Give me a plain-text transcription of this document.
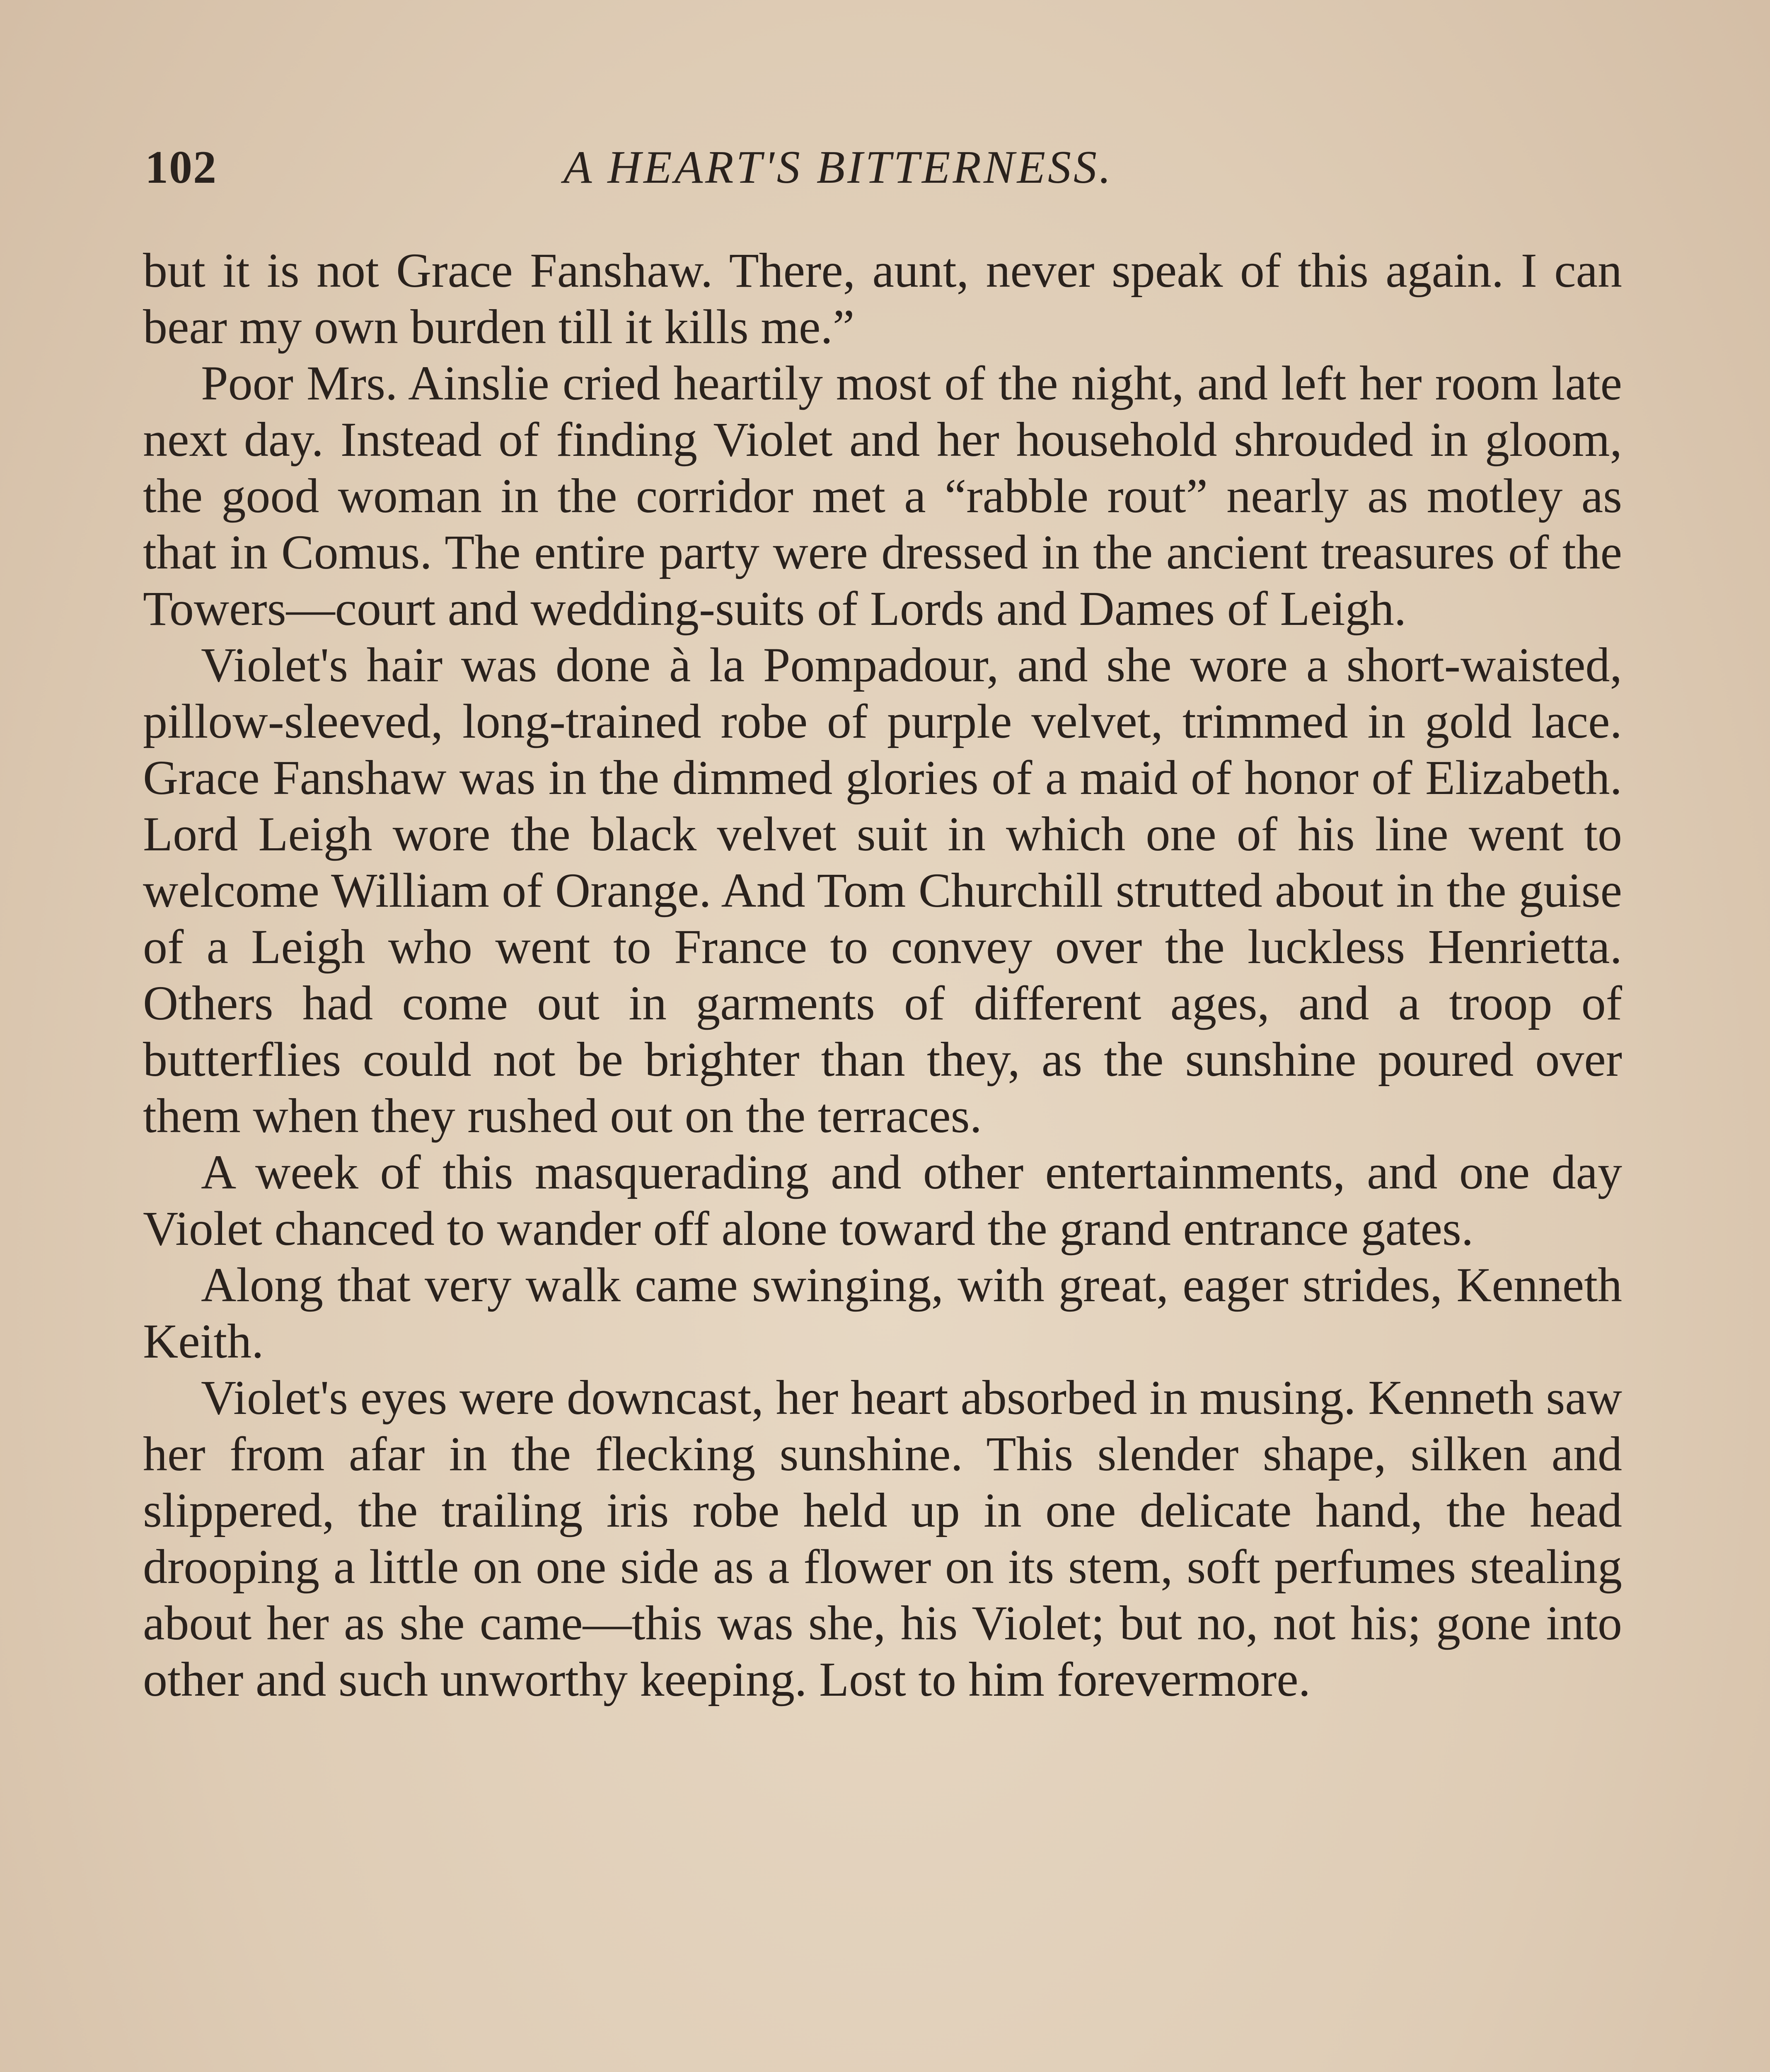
102	A HEART'S BITTERNESS.

but it is not Grace Fanshaw. There, aunt, never speak of this again. I can bear my own burden till it kills me.”

Poor Mrs. Ainslie cried heartily most of the night, and left her room late next day. Instead of finding Violet and her household shrouded in gloom, the good woman in the corridor met a “rabble rout” nearly as motley as that in Comus. The entire party were dressed in the ancient treasures of the Towers—court and wedding-suits of Lords and Dames of Leigh.

Violet's hair was done à la Pompadour, and she wore a short-waisted, pillow-sleeved, long-trained robe of purple velvet, trimmed in gold lace. Grace Fanshaw was in the dimmed glories of a maid of honor of Elizabeth. Lord Leigh wore the black velvet suit in which one of his line went to welcome William of Orange. And Tom Churchill strutted about in the guise of a Leigh who went to France to convey over the luckless Henrietta. Others had come out in garments of different ages, and a troop of butterflies could not be brighter than they, as the sunshine poured over them when they rushed out on the terraces.

A week of this masquerading and other entertainments, and one day Violet chanced to wander off alone toward the grand entrance gates.

Along that very walk came swinging, with great, eager strides, Kenneth Keith.

Violet's eyes were downcast, her heart absorbed in musing. Kenneth saw her from afar in the flecking sunshine. This slender shape, silken and slippered, the trailing iris robe held up in one delicate hand, the head drooping a little on one side as a flower on its stem, soft perfumes stealing about her as she came—this was she, his Violet; but no, not his; gone into other and such unworthy keeping. Lost to him forevermore.
